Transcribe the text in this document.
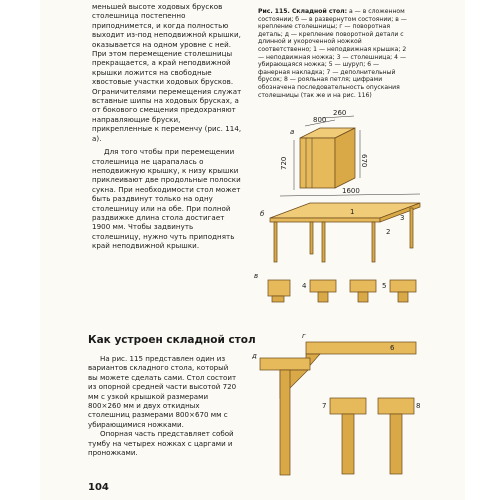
меньшей высоте ходовых брусков столешница постепенно приподнимется, и когда полностью выходит из-под неподвижной крышки, оказывается на одном уровне с ней. При этом перемещение столешницы прекращается, а край неподвижной крышки ложится на свободные хвостовые участки ходовых брусков. Ограничителями перемещения служат вставные шипы на ходовых брусках, а от бокового смещения предохраняют направляющие бруски, прикрепленные к переменчу (рис. 114, а).

Для того чтобы при перемещении столешница не царапалась о неподвижную крышку, к низу крышки приклеивают две продольные полоски сукна. При необходимости стол может быть раздвинут только на одну столешницу или на обе. При полной раздвижке длина стола достигает 1900 мм. Чтобы задвинуть столешницу, нужно чуть приподнять край неподвижной крышки.

Как устроен складной стол

На рис. 115 представлен один из вариантов складного стола, который вы можете сделать сами. Стол состоит из опорной средней части высотой 720 мм с узкой крышкой размерами 800×260 мм и двух откидных столешниц размерами 800×670 мм с убирающимися ножками.

Опорная часть представляет собой тумбу на четырех ножках с царгами и проножками.

104
Рис. 115. Складной стол: а — в сложенном состоянии; б — в развернутом состоянии; в — крепление столешницы; г — поворотная деталь; д — крепление поворотной детали с длинной и укороченной ножкой соответственно; 1 — неподвижная крышка; 2 — неподвижная ножка; 3 — столешница; 4 — убирающаяся ножка; 5 — шуруп; 6 — фанерная накладка; 7 — деполнительный брусок; 8 — рояльная петля; цифрами обозначена последовательность опускания столешницы (так же и на рис. 116)
800
260
670
720
а
1600
б	1
2
3
в
4	5
г
6
д
7	8
